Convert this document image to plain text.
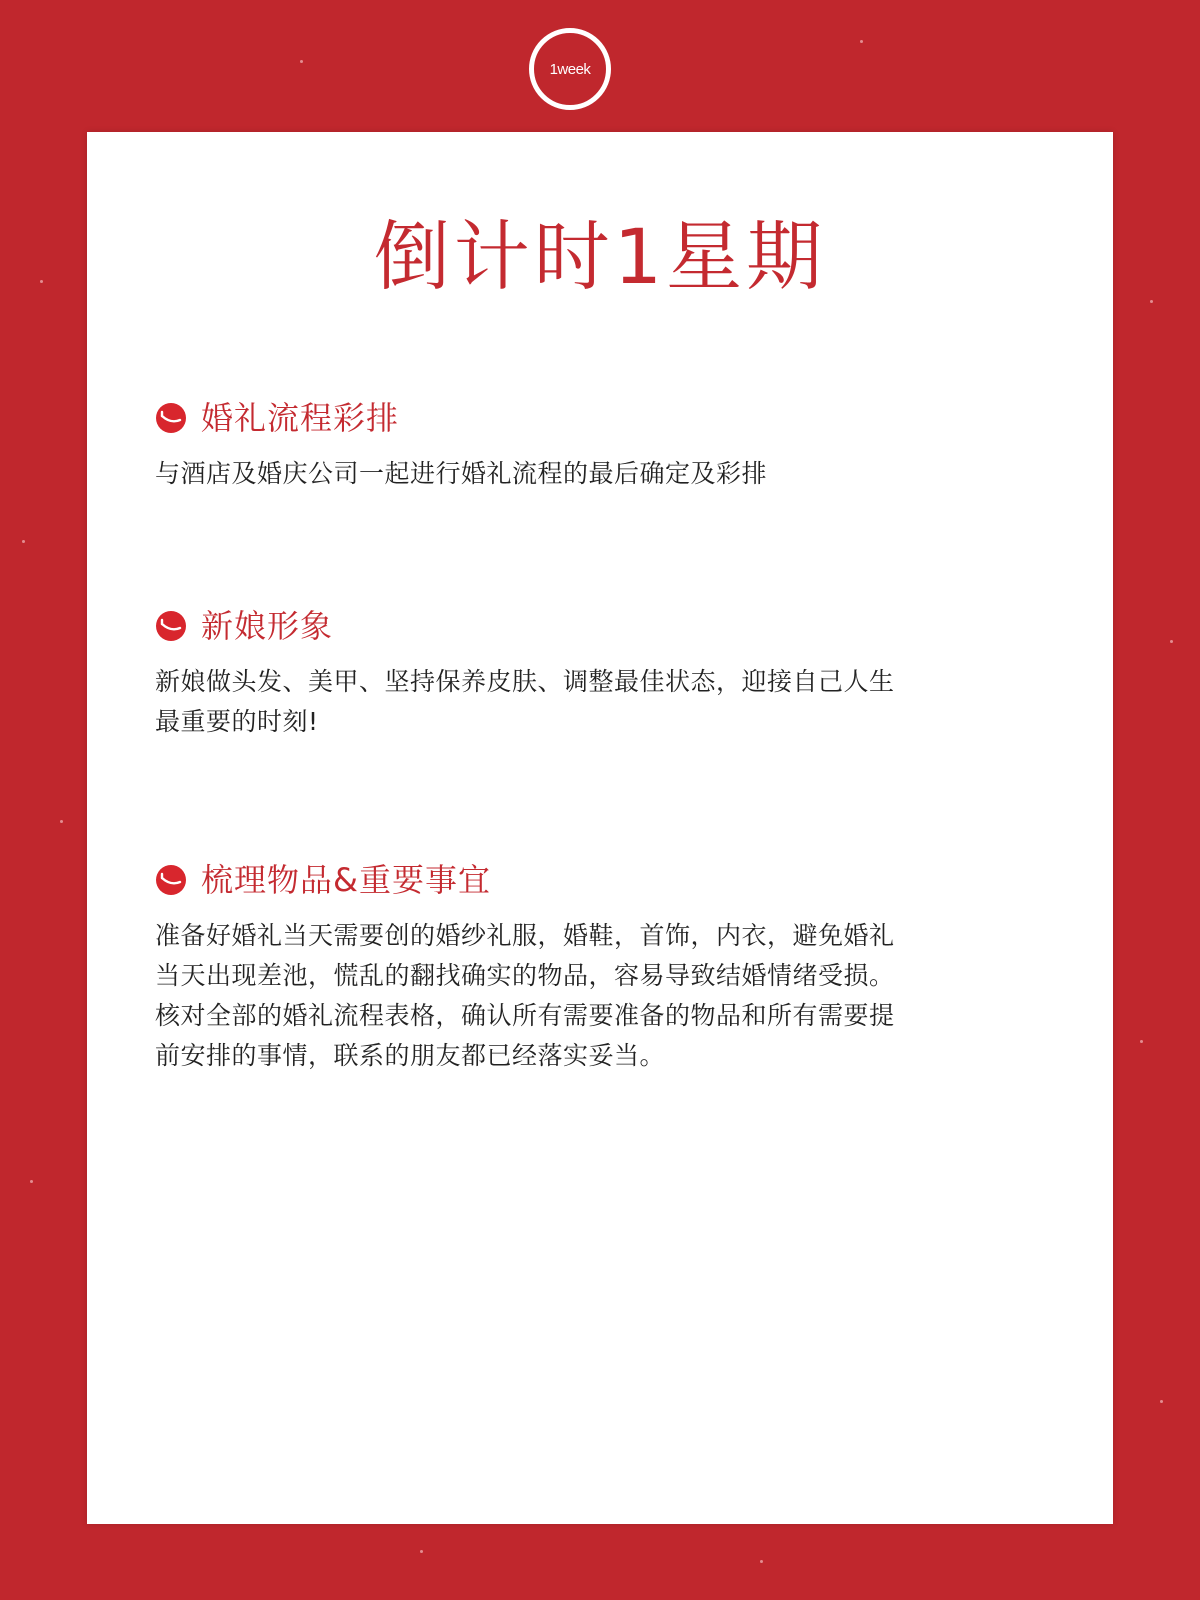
1week
倒计时1星期
婚礼流程彩排
与酒店及婚庆公司一起进行婚礼流程的最后确定及彩排
新娘形象
新娘做头发、美甲、坚持保养皮肤、调整最佳状态，迎接自己人生
最重要的时刻!
梳理物品&重要事宜
准备好婚礼当天需要创的婚纱礼服，婚鞋，首饰，内衣，避免婚礼
当天出现差池，慌乱的翻找确实的物品，容易导致结婚情绪受损。
核对全部的婚礼流程表格，确认所有需要准备的物品和所有需要提
前安排的事情，联系的朋友都已经落实妥当。
